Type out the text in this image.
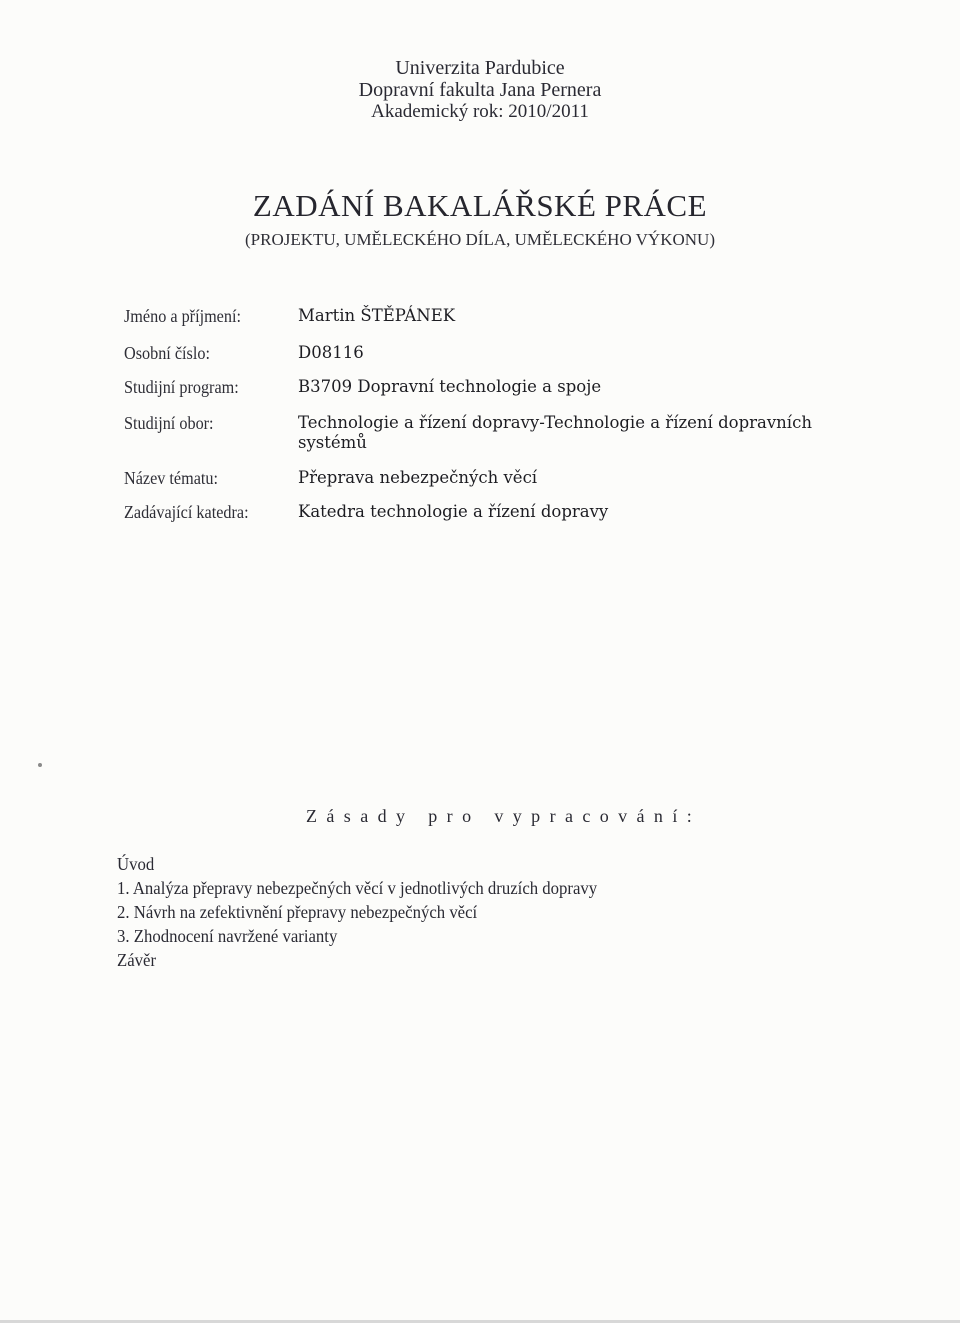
Univerzita Pardubice
Dopravní fakulta Jana Pernera
Akademický rok: 2010/2011
ZADÁNÍ BAKALÁŘSKÉ PRÁCE
(PROJEKTU, UMĚLECKÉHO DÍLA, UMĚLECKÉHO VÝKONU)
Jméno a příjmení:	Martin ŠTĚPÁNEK
Osobní číslo:	D08116
Studijní program:	B3709 Dopravní technologie a spoje
Studijní obor:	Technologie a řízení dopravy-Technologie a řízení dopravních systémů
Název tématu:	Přeprava nebezpečných věcí
Zadávající katedra:	Katedra technologie a řízení dopravy
Zásady pro vypracování:
Úvod
1. Analýza přepravy nebezpečných věcí v jednotlivých druzích dopravy
2. Návrh na zefektivnění přepravy nebezpečných věcí
3. Zhodnocení navržené varianty
Závěr
